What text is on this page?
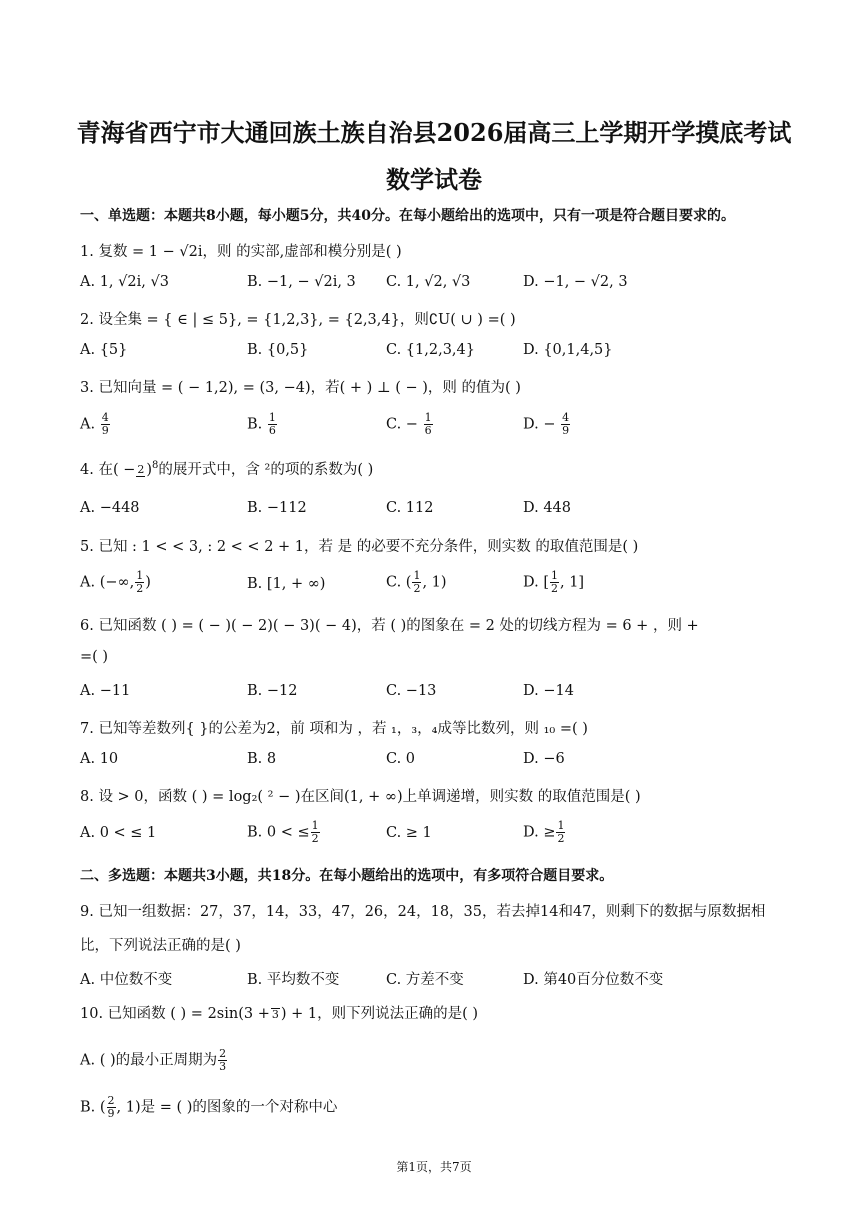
青海省西宁市大通回族土族自治县2026届高三上学期开学摸底考试
数学试卷
一、单选题：本题共8小题，每小题5分，共40分。在每小题给出的选项中，只有一项是符合题目要求的。
1. 复数 = 1 − √2i，则 的实部,虚部和模分别是( )
A. 1, √2i, √3	B. −1, − √2i, 3 C. 1, √2, √3	D. −1, − √2, 3
2. 设全集 = { ∈ | ≤ 5}, = {1,2,3}, = {2,3,4}，则∁U( ∪ ) =( )
A. {5}	B. {0,5}	C. {1,2,3,4}	D. {0,1,4,5}
3. 已知向量 = ( − 1,2), = (3, −4)，若( + ) ⊥ ( − )，则 的值为( )
A. $\frac{4}{9}$	B. $\frac{1}{6}$	C. − $\frac{1}{6}$	D. − $\frac{4}{9}$
4. 在( − 2 )$^8$的展开式中，含 ²的项的系数为( )
A. −448	B. −112	C. 112	D. 448
5. 已知 : 1 < < 3, : 2 < < 2 + 1，若 是 的必要不充分条件，则实数 的取值范围是( )
A. (−∞, $\frac{1}{2}$ )	B. [1, + ∞)	C. ( $\frac{1}{2}$ , 1)	D. [ $\frac{1}{2}$ , 1]
6. 已知函数 ( ) = ( − )( − 2)( − 3)( − 4)，若 ( )的图象在 = 2 处的切线方程为 = 6 + ，则 +
=( )
A. −11	B. −12	C. −13	D. −14
7. 已知等差数列{ }的公差为2，前 项和为 ，若 ₁，₃，₄成等比数列，则 ₁₀ =( )
A. 10	B. 8	C. 0	D. −6
8. 设 > 0，函数 ( ) = log₂( ² − )在区间(1, + ∞)上单调递增，则实数 的取值范围是( )
A. 0 < ≤ 1	B. 0 < ≤ $\frac{1}{2}$	C. ≥ 1	D. ≥ $\frac{1}{2}$
二、多选题：本题共3小题，共18分。在每小题给出的选项中，有多项符合题目要求。
9. 已知一组数据：27，37，14，33，47，26，24，18，35，若去掉14和47，则剩下的数据与原数据相
比，下列说法正确的是( )
A. 中位数不变	B. 平均数不变	C. 方差不变	D. 第40百分位数不变
10. 已知函数 ( ) = 2sin(3 + 3 ) + 1，则下列说法正确的是( )
A. ( )的最小正周期为 $\frac{2}{3}$
B. ( $\frac{2}{9}$ , 1)是 = ( )的图象的一个对称中心
第1页，共7页
